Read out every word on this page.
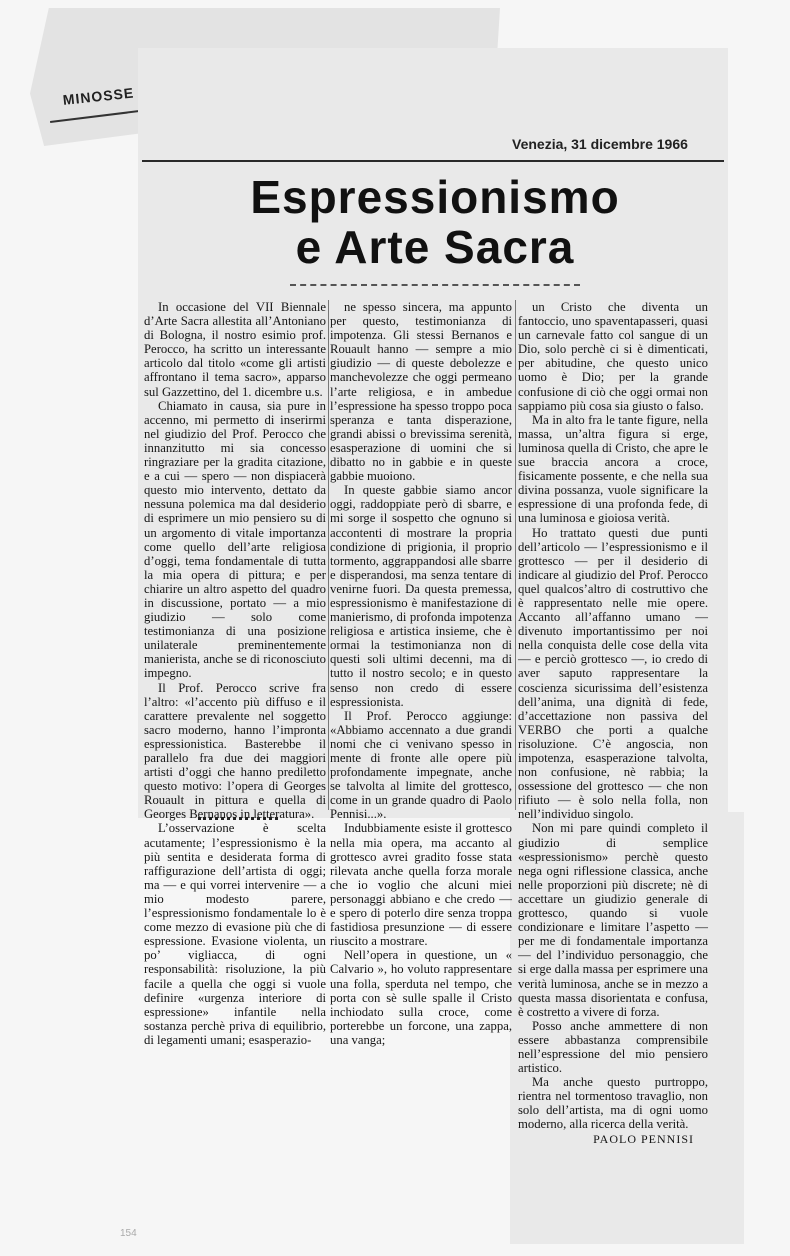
MINOSSE
Venezia, 31 dicembre 1966
Espressionismo
e Arte Sacra

In occasione del VII Biennale d’Arte Sacra allestita all’Antoniano di Bologna, il nostro esimio prof. Perocco, ha scritto un interessante articolo dal titolo «come gli artisti affrontano il tema sacro», apparso sul Gazzettino, del 1. dicembre u.s.

Chiamato in causa, sia pure in accenno, mi permetto di inserirmi nel giudizio del Prof. Perocco che innanzitutto mi sia concesso ringraziare per la gradita citazione, e a cui — spero — non dispiacerà questo mio intervento, dettato da nessuna polemica ma dal desiderio di esprimere un mio pensiero su di un argomento di vitale importanza come quello dell’arte religiosa d’oggi, tema fondamentale di tutta la mia opera di pittura; e per chiarire un altro aspetto del quadro in discussione, portato — a mio giudizio — solo come testimonianza di una posizione unilaterale preminentemente manierista, anche se di riconosciuto impegno.

Il Prof. Perocco scrive fra l’altro: «l’accento più diffuso e il carattere prevalente nel soggetto sacro moderno, hanno l’impronta espressionistica. Basterebbe il parallelo fra due dei maggiori artisti d’oggi che hanno prediletto questo motivo: l’opera di Georges Rouault in pittura e quella di Georges Bernanos in letteratura».

L’osservazione è scelta acutamente; l’espressionismo è la più sentita e desiderata forma di raffigurazione dell’artista di oggi; ma — e qui vorrei intervenire — a mio modesto parere, l’espressionismo fondamentale lo è come mezzo di evasione più che di espressione. Evasione violenta, un po’ vigliacca, di ogni responsabilità: risoluzione, la più facile a quella che oggi si vuole definire «urgenza interiore di espressione» infantile nella sostanza perchè priva di equilibrio, di legamenti umani; esasperazio-

ne spesso sincera, ma appunto per questo, testimonianza di impotenza. Gli stessi Bernanos e Rouault hanno — sempre a mio giudizio — di queste debolezze e manchevolezze che oggi permeano l’arte religiosa, e in ambedue l’espressione ha spesso troppo poca speranza e tanta disperazione, grandi abissi o brevissima serenità, esasperazione di uomini che si dibatto no in gabbie e in queste gabbie muoiono.

In queste gabbie siamo ancor oggi, raddoppiate però di sbarre, e mi sorge il sospetto che ognuno si accontenti di mostrare la propria condizione di prigionia, il proprio tormento, aggrappandosi alle sbarre e disperandosi, ma senza tentare di venirne fuori. Da questa premessa, espressionismo è manifestazione di manierismo, di profonda impotenza religiosa e artistica insieme, che è ormai la testimonianza non di questi soli ultimi decenni, ma di tutto il nostro secolo; e in questo senso non credo di essere espressionista.

Il Prof. Perocco aggiunge: «Abbiamo accennato a due grandi nomi che ci venivano spesso in mente di fronte alle opere più profondamente impegnate, anche se talvolta al limite del grottesco, come in un grande quadro di Paolo Pennisi...».

Indubbiamente esiste il grottesco nella mia opera, ma accanto al grottesco avrei gradito fosse stata rilevata anche quella forza morale che io voglio che alcuni miei personaggi abbiano e che credo — e spero di poterlo dire senza troppa fastidiosa presunzione — di essere riuscito a mostrare.

Nell’opera in questione, un « Calvario », ho voluto rappresentare una folla, sperduta nel tempo, che porta con sè sulle spalle il Cristo inchiodato sulla croce, come porterebbe un forcone, una zappa, una vanga;

un Cristo che diventa un fantoccio, uno spaventapasseri, quasi un carnevale fatto col sangue di un Dio, solo perchè ci si è dimenticati, per abitudine, che questo unico uomo è Dio; per la grande confusione di ciò che oggi ormai non sappiamo più cosa sia giusto o falso.

Ma in alto fra le tante figure, nella massa, un’altra figura si erge, luminosa quella di Cristo, che apre le sue braccia ancora a croce, fisicamente possente, e che nella sua divina possanza, vuole significare la espressione di una profonda fede, di una luminosa e gioiosa verità.

Ho trattato questi due punti dell’articolo — l’espressionismo e il grottesco — per il desiderio di indicare al giudizio del Prof. Perocco quel qualcos’altro di costruttivo che è rappresentato nelle mie opere. Accanto all’affanno umano — divenuto importantissimo per noi nella conquista delle cose della vita — e perciò grottesco —, io credo di aver saputo rappresentare la coscienza sicurissima dell’esistenza dell’anima, una dignità di fede, d’accettazione non passiva del VERBO che porti a qualche risoluzione. C’è angoscia, non impotenza, esasperazione talvolta, non confusione, nè rabbia; la ossessione del grottesco — che non rifiuto — è solo nella folla, non nell’individuo singolo.

Non mi pare quindi completo il giudizio di semplice «espressionismo» perchè questo nega ogni riflessione classica, anche nelle proporzioni più discrete; nè di accettare un giudizio generale di grottesco, quando si vuole condizionare e limitare l’aspetto — per me di fondamentale importanza — del l’individuo personaggio, che si erge dalla massa per esprimere una verità luminosa, anche se in mezzo a questa massa disorientata e confusa, è costretto a vivere di forza.

Posso anche ammettere di non essere abbastanza comprensibile nell’espressione del mio pensiero artistico.

Ma anche questo purtroppo, rientra nel tormentoso travaglio, non solo dell’artista, ma di ogni uomo moderno, alla ricerca della verità.

PAOLO PENNISI
154
